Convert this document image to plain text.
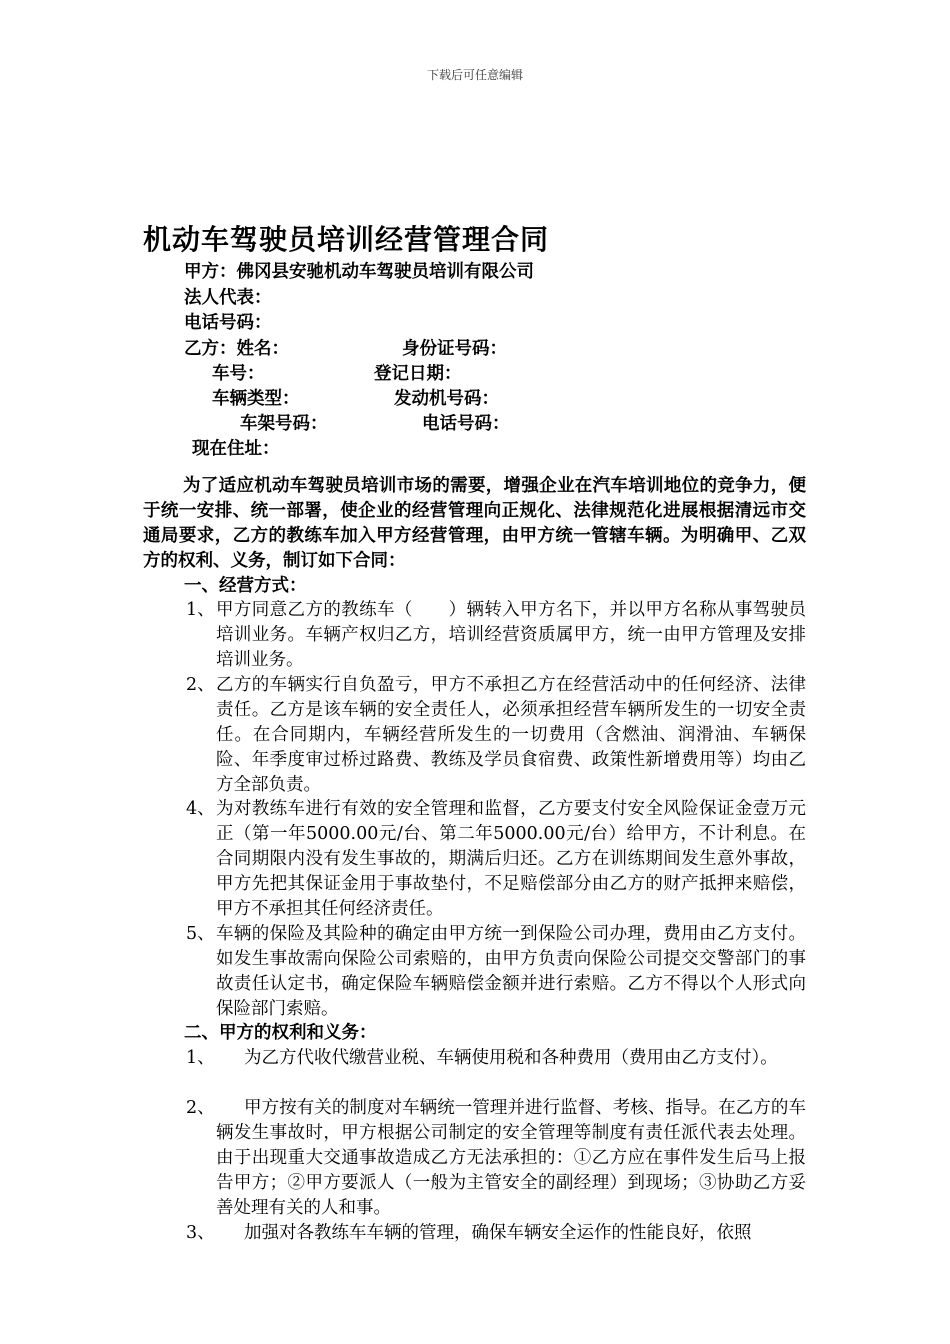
下载后可任意编辑
机动车驾驶员培训经营管理合同
甲方：佛冈县安驰机动车驾驶员培训有限公司
法人代表：
电话号码：
乙方：姓名：	身份证号码：
车号：	登记日期：
车辆类型：	发动机号码：
车架号码：	电话号码：
现在住址：
为了适应机动车驾驶员培训市场的需要，增强企业在汽车培训地位的竞争力，便于统一安排、统一部署，使企业的经营管理向正规化、法律规范化进展根据清远市交通局要求，乙方的教练车加入甲方经营管理，由甲方统一管辖车辆。为明确甲、乙双方的权利、义务，制订如下合同：
一、经营方式：
1、 甲方同意乙方的教练车（　　）辆转入甲方名下，并以甲方名称从事驾驶员培训业务。车辆产权归乙方，培训经营资质属甲方，统一由甲方管理及安排培训业务。
2、 乙方的车辆实行自负盈亏，甲方不承担乙方在经营活动中的任何经济、法律责任。乙方是该车辆的安全责任人，必须承担经营车辆所发生的一切安全责任。在合同期内，车辆经营所发生的一切费用（含燃油、润滑油、车辆保险、年季度审过桥过路费、教练及学员食宿费、政策性新增费用等）均由乙方全部负责。
4、 为对教练车进行有效的安全管理和监督，乙方要支付安全风险保证金壹万元正（第一年5000.00元/台、第二年5000.00元/台）给甲方，不计利息。在合同期限内没有发生事故的，期满后归还。乙方在训练期间发生意外事故，甲方先把其保证金用于事故垫付，不足赔偿部分由乙方的财产抵押来赔偿，甲方不承担其任何经济责任。
5、 车辆的保险及其险种的确定由甲方统一到保险公司办理，费用由乙方支付。如发生事故需向保险公司索赔的，由甲方负责向保险公司提交交警部门的事故责任认定书，确定保险车辆赔偿金额并进行索赔。乙方不得以个人形式向保险部门索赔。
二、甲方的权利和义务：
1、	为乙方代收代缴营业税、车辆使用税和各种费用（费用由乙方支付）。
2、	甲方按有关的制度对车辆统一管理并进行监督、考核、指导。在乙方的车辆发生事故时，甲方根据公司制定的安全管理等制度有责任派代表去处理。由于出现重大交通事故造成乙方无法承担的：①乙方应在事件发生后马上报告甲方；②甲方要派人（一般为主管安全的副经理）到现场；③协助乙方妥善处理有关的人和事。
3、	加强对各教练车车辆的管理，确保车辆安全运作的性能良好，依照
